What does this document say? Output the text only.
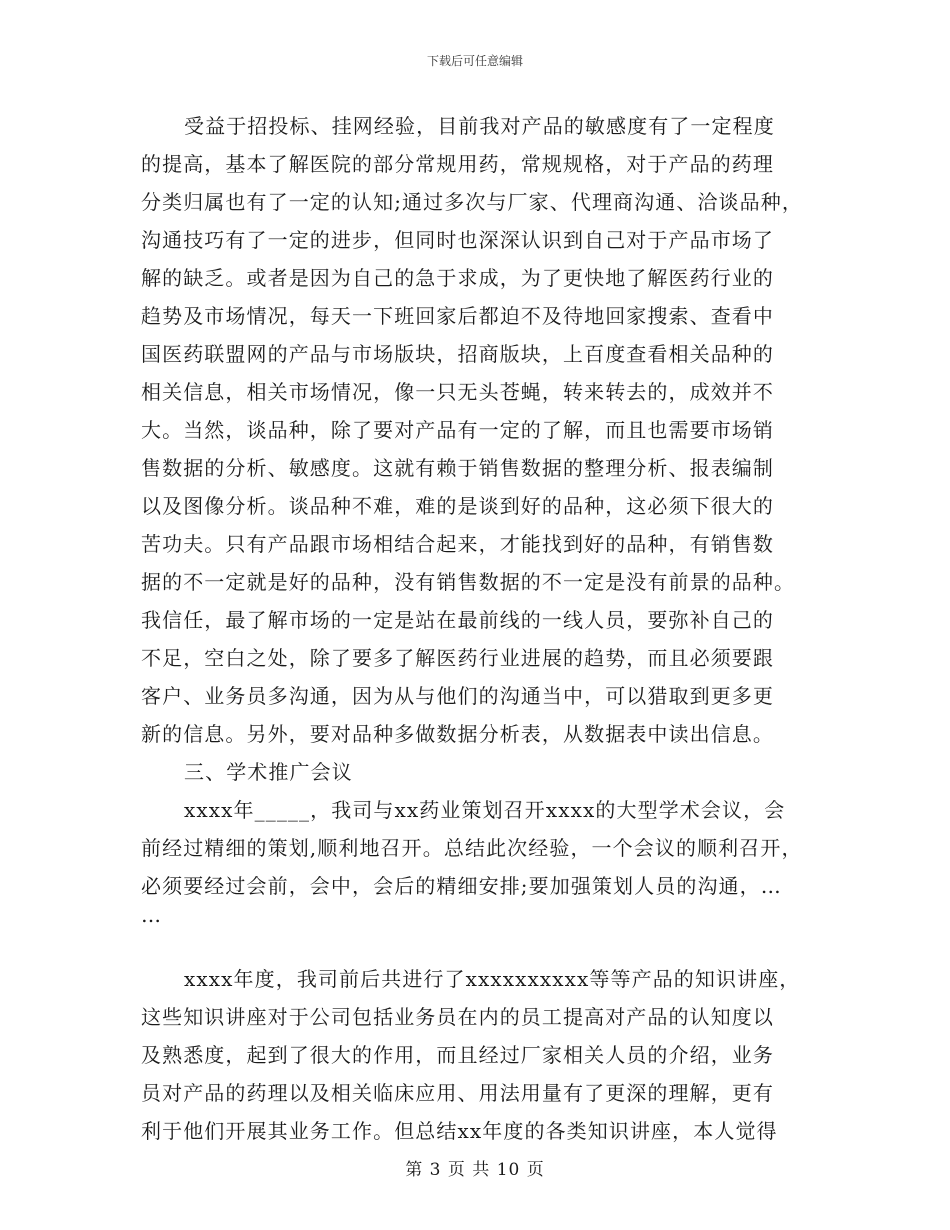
下载后可任意编辑
受益于招投标、挂网经验，目前我对产品的敏感度有了一定程度
的提高，基本了解医院的部分常规用药，常规规格，对于产品的药理
分类归属也有了一定的认知;通过多次与厂家、代理商沟通、洽谈品种，
沟通技巧有了一定的进步，但同时也深深认识到自己对于产品市场了
解的缺乏。或者是因为自己的急于求成，为了更快地了解医药行业的
趋势及市场情况，每天一下班回家后都迫不及待地回家搜索、查看中
国医药联盟网的产品与市场版块，招商版块，上百度查看相关品种的
相关信息，相关市场情况，像一只无头苍蝇，转来转去的，成效并不
大。当然，谈品种，除了要对产品有一定的了解，而且也需要市场销
售数据的分析、敏感度。这就有赖于销售数据的整理分析、报表编制
以及图像分析。谈品种不难，难的是谈到好的品种，这必须下很大的
苦功夫。只有产品跟市场相结合起来，才能找到好的品种，有销售数
据的不一定就是好的品种，没有销售数据的不一定是没有前景的品种。
我信任，最了解市场的一定是站在最前线的一线人员，要弥补自己的
不足，空白之处，除了要多了解医药行业进展的趋势，而且必须要跟
客户、业务员多沟通，因为从与他们的沟通当中，可以猎取到更多更
新的信息。另外，要对品种多做数据分析表，从数据表中读出信息。
三、学术推广会议
xxxx年_____，我司与xx药业策划召开xxxx的大型学术会议，会
前经过精细的策划,顺利地召开。总结此次经验，一个会议的顺利召开，
必须要经过会前，会中，会后的精细安排;要加强策划人员的沟通，…
…
xxxx年度，我司前后共进行了xxxxxxxxxx等等产品的知识讲座，
这些知识讲座对于公司包括业务员在内的员工提高对产品的认知度以
及熟悉度，起到了很大的作用，而且经过厂家相关人员的介绍，业务
员对产品的药理以及相关临床应用、用法用量有了更深的理解，更有
利于他们开展其业务工作。但总结xx年度的各类知识讲座，本人觉得
第 3 页 共 10 页
